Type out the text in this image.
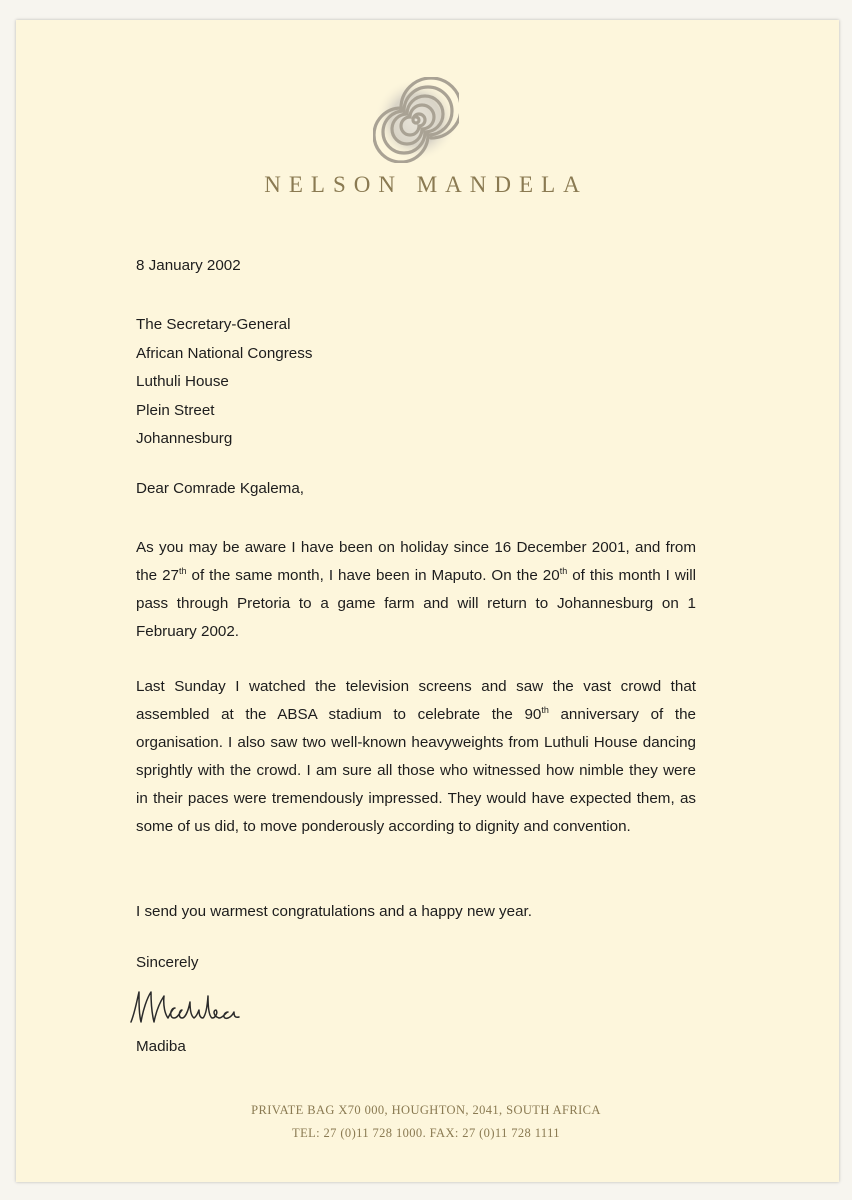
NELSON MANDELA
8 January 2002
The Secretary-General
African National Congress
Luthuli House
Plein Street
Johannesburg
Dear Comrade Kgalema,
As you may be aware I have been on holiday since 16 December 2001, and from the 27th of the same month, I have been in Maputo. On the 20th of this month I will pass through Pretoria to a game farm and will return to Johannesburg on 1 February 2002.
Last Sunday I watched the television screens and saw the vast crowd that assembled at the ABSA stadium to celebrate the 90th anniversary of the organisation. I also saw two well-known heavyweights from Luthuli House dancing sprightly with the crowd. I am sure all those who witnessed how nimble they were in their paces were tremendously impressed. They would have expected them, as some of us did, to move ponderously according to dignity and convention.
I send you warmest congratulations and a happy new year.
Sincerely
Madiba
PRIVATE BAG X70 000, HOUGHTON, 2041, SOUTH AFRICA
TEL: 27 (0)11 728 1000. FAX: 27 (0)11 728 1111
